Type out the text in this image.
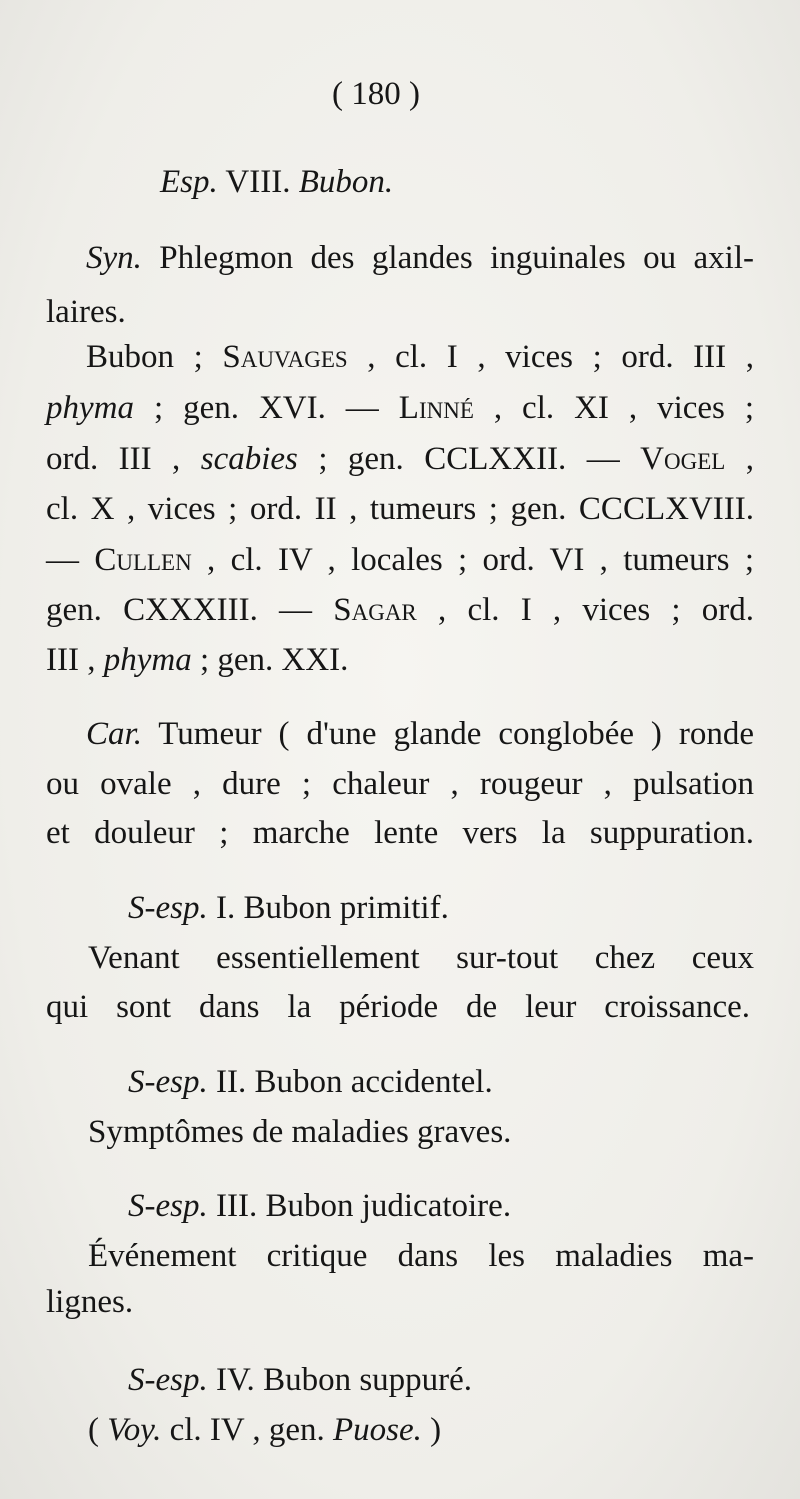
( 180 )
Esp. VIII. Bubon.
Syn. Phlegmon des glandes inguinales ou axil-
laires.
Bubon ; Sauvages , cl. I , vices ; ord. III ,
phyma ; gen. XVI. — Linné , cl. XI , vices ;
ord. III , scabies ; gen. CCLXXII. — Vogel ,
cl. X , vices ; ord. II , tumeurs ; gen. CCCLXVIII.
— Cullen , cl. IV , locales ; ord. VI , tumeurs ;
gen. CXXXIII. — Sagar , cl. I , vices ; ord.
III , phyma ; gen. XXI.
Car. Tumeur ( d'une glande conglobée ) ronde
ou ovale , dure ; chaleur , rougeur , pulsation
et douleur ; marche lente vers la suppuration.
S-esp. I. Bubon primitif.
Venant essentiellement sur-tout chez ceux
qui sont dans la période de leur croissance.
S-esp. II. Bubon accidentel.
Symptômes de maladies graves.
S-esp. III. Bubon judicatoire.
Événement critique dans les maladies ma-
lignes.
S-esp. IV. Bubon suppuré.
( Voy. cl. IV , gen. Puose. )
